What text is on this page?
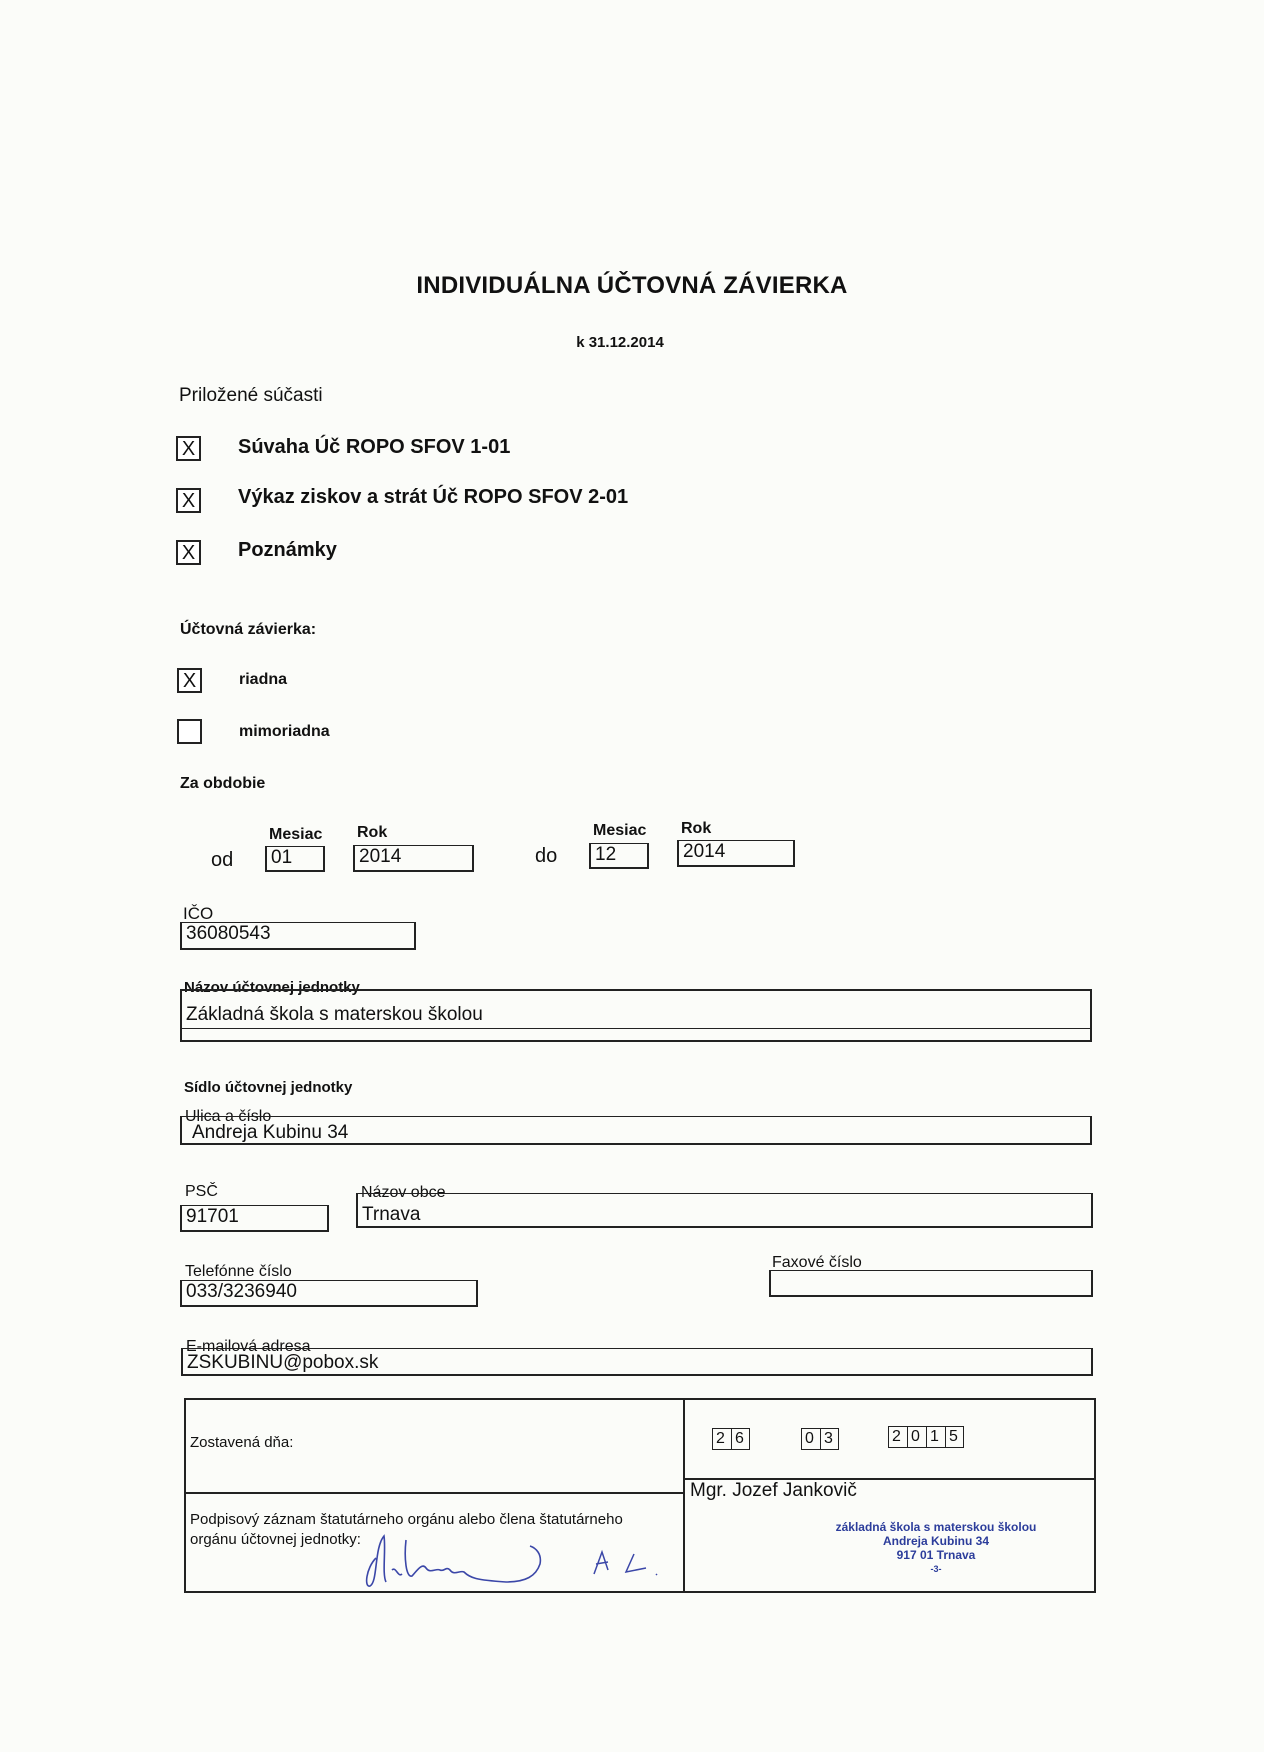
INDIVIDUÁLNA ÚČTOVNÁ ZÁVIERKA
k 31.12.2014
Priložené súčasti
X Súvaha Úč ROPO SFOV 1-01
X Výkaz ziskov a strát Úč ROPO SFOV 2-01
X Poznámky
Účtovná závierka:
X	riadna
mimoriadna
Za obdobie
Mesiac Rok
od	01	2014
Mesiac Rok
do	12	2014
IČO
36080543
Názov účtovnej jednotky
Základná škola s materskou školou
Sídlo účtovnej jednotky
Ulica a číslo
Andreja Kubinu 34
PSČ
91701
Názov obce
Trnava
Telefónne číslo
033/3236940
Faxové číslo
E-mailová adresa
ZSKUBINU@pobox.sk
Zostavená dňa:	2 6	0 3	2 0 1 5
Podpisový záznam štatutárneho orgánu alebo člena štatutárneho
orgánu účtovnej jednotky:
Mgr. Jozef Jankovič
základná škola s materskou školou
Andreja Kubinu 34
917 01 Trnava
-3-
